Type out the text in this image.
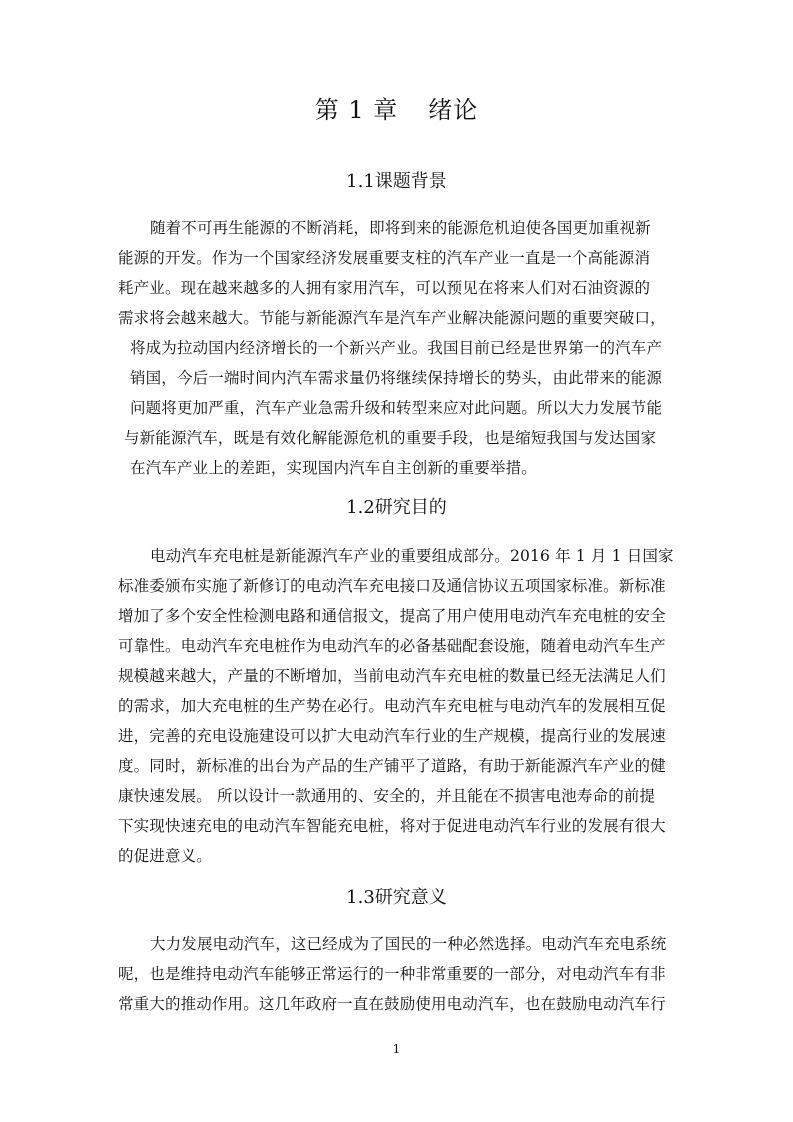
第 1 章 绪论
1.1课题背景
随着不可再生能源的不断消耗，即将到来的能源危机迫使各国更加重视新
能源的开发。作为一个国家经济发展重要支柱的汽车产业一直是一个高能源消
耗产业。现在越来越多的人拥有家用汽车，可以预见在将来人们对石油资源的
需求将会越来越大。节能与新能源汽车是汽车产业解决能源问题的重要突破口，
将成为拉动国内经济增长的一个新兴产业。我国目前已经是世界第一的汽车产
销国，今后一端时间内汽车需求量仍将继续保持增长的势头，由此带来的能源
问题将更加严重，汽车产业急需升级和转型来应对此问题。所以大力发展节能
与新能源汽车，既是有效化解能源危机的重要手段，也是缩短我国与发达国家
在汽车产业上的差距，实现国内汽车自主创新的重要举措。
1.2研究目的
电动汽车充电桩是新能源汽车产业的重要组成部分。2016 年 1 月 1 日国家
标准委颁布实施了新修订的电动汽车充电接口及通信协议五项国家标准。新标准
增加了多个安全性检测电路和通信报文，提高了用户使用电动汽车充电桩的安全
可靠性。电动汽车充电桩作为电动汽车的必备基础配套设施，随着电动汽车生产
规模越来越大，产量的不断增加，当前电动汽车充电桩的数量已经无法满足人们
的需求，加大充电桩的生产势在必行。电动汽车充电桩与电动汽车的发展相互促
进，完善的充电设施建设可以扩大电动汽车行业的生产规模，提高行业的发展速
度。同时，新标准的出台为产品的生产铺平了道路，有助于新能源汽车产业的健
康快速发展。 所以设计一款通用的、安全的，并且能在不损害电池寿命的前提
下实现快速充电的电动汽车智能充电桩，将对于促进电动汽车行业的发展有很大
的促进意义。
1.3研究意义
大力发展电动汽车，这已经成为了国民的一种必然选择。电动汽车充电系统
呢，也是维持电动汽车能够正常运行的一种非常重要的一部分，对电动汽车有非
常重大的推动作用。这几年政府一直在鼓励使用电动汽车，也在鼓励电动汽车行
1
